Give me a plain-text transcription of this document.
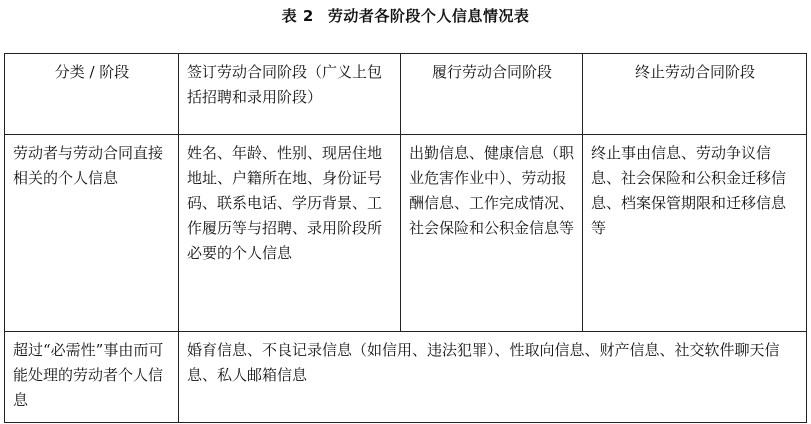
表 2 劳动者各阶段个人信息情况表
分类 / 阶段	签订劳动合同阶段（广义上包括招聘和录用阶段）	履行劳动合同阶段	终止劳动合同阶段
劳动者与劳动合同直接相关的个人信息	姓名、年龄、性别、现居住地地址、户籍所在地、身份证号码、联系电话、学历背景、工作履历等与招聘、录用阶段所必要的个人信息	出勤信息、健康信息（职业危害作业中）、劳动报酬信息、工作完成情况、社会保险和公积金信息等	终止事由信息、劳动争议信息、社会保险和公积金迁移信息、档案保管期限和迁移信息等
超过“必需性”事由而可能处理的劳动者个人信息	婚育信息、不良记录信息（如信用、违法犯罪）、性取向信息、财产信息、社交软件聊天信息、私人邮箱信息		
